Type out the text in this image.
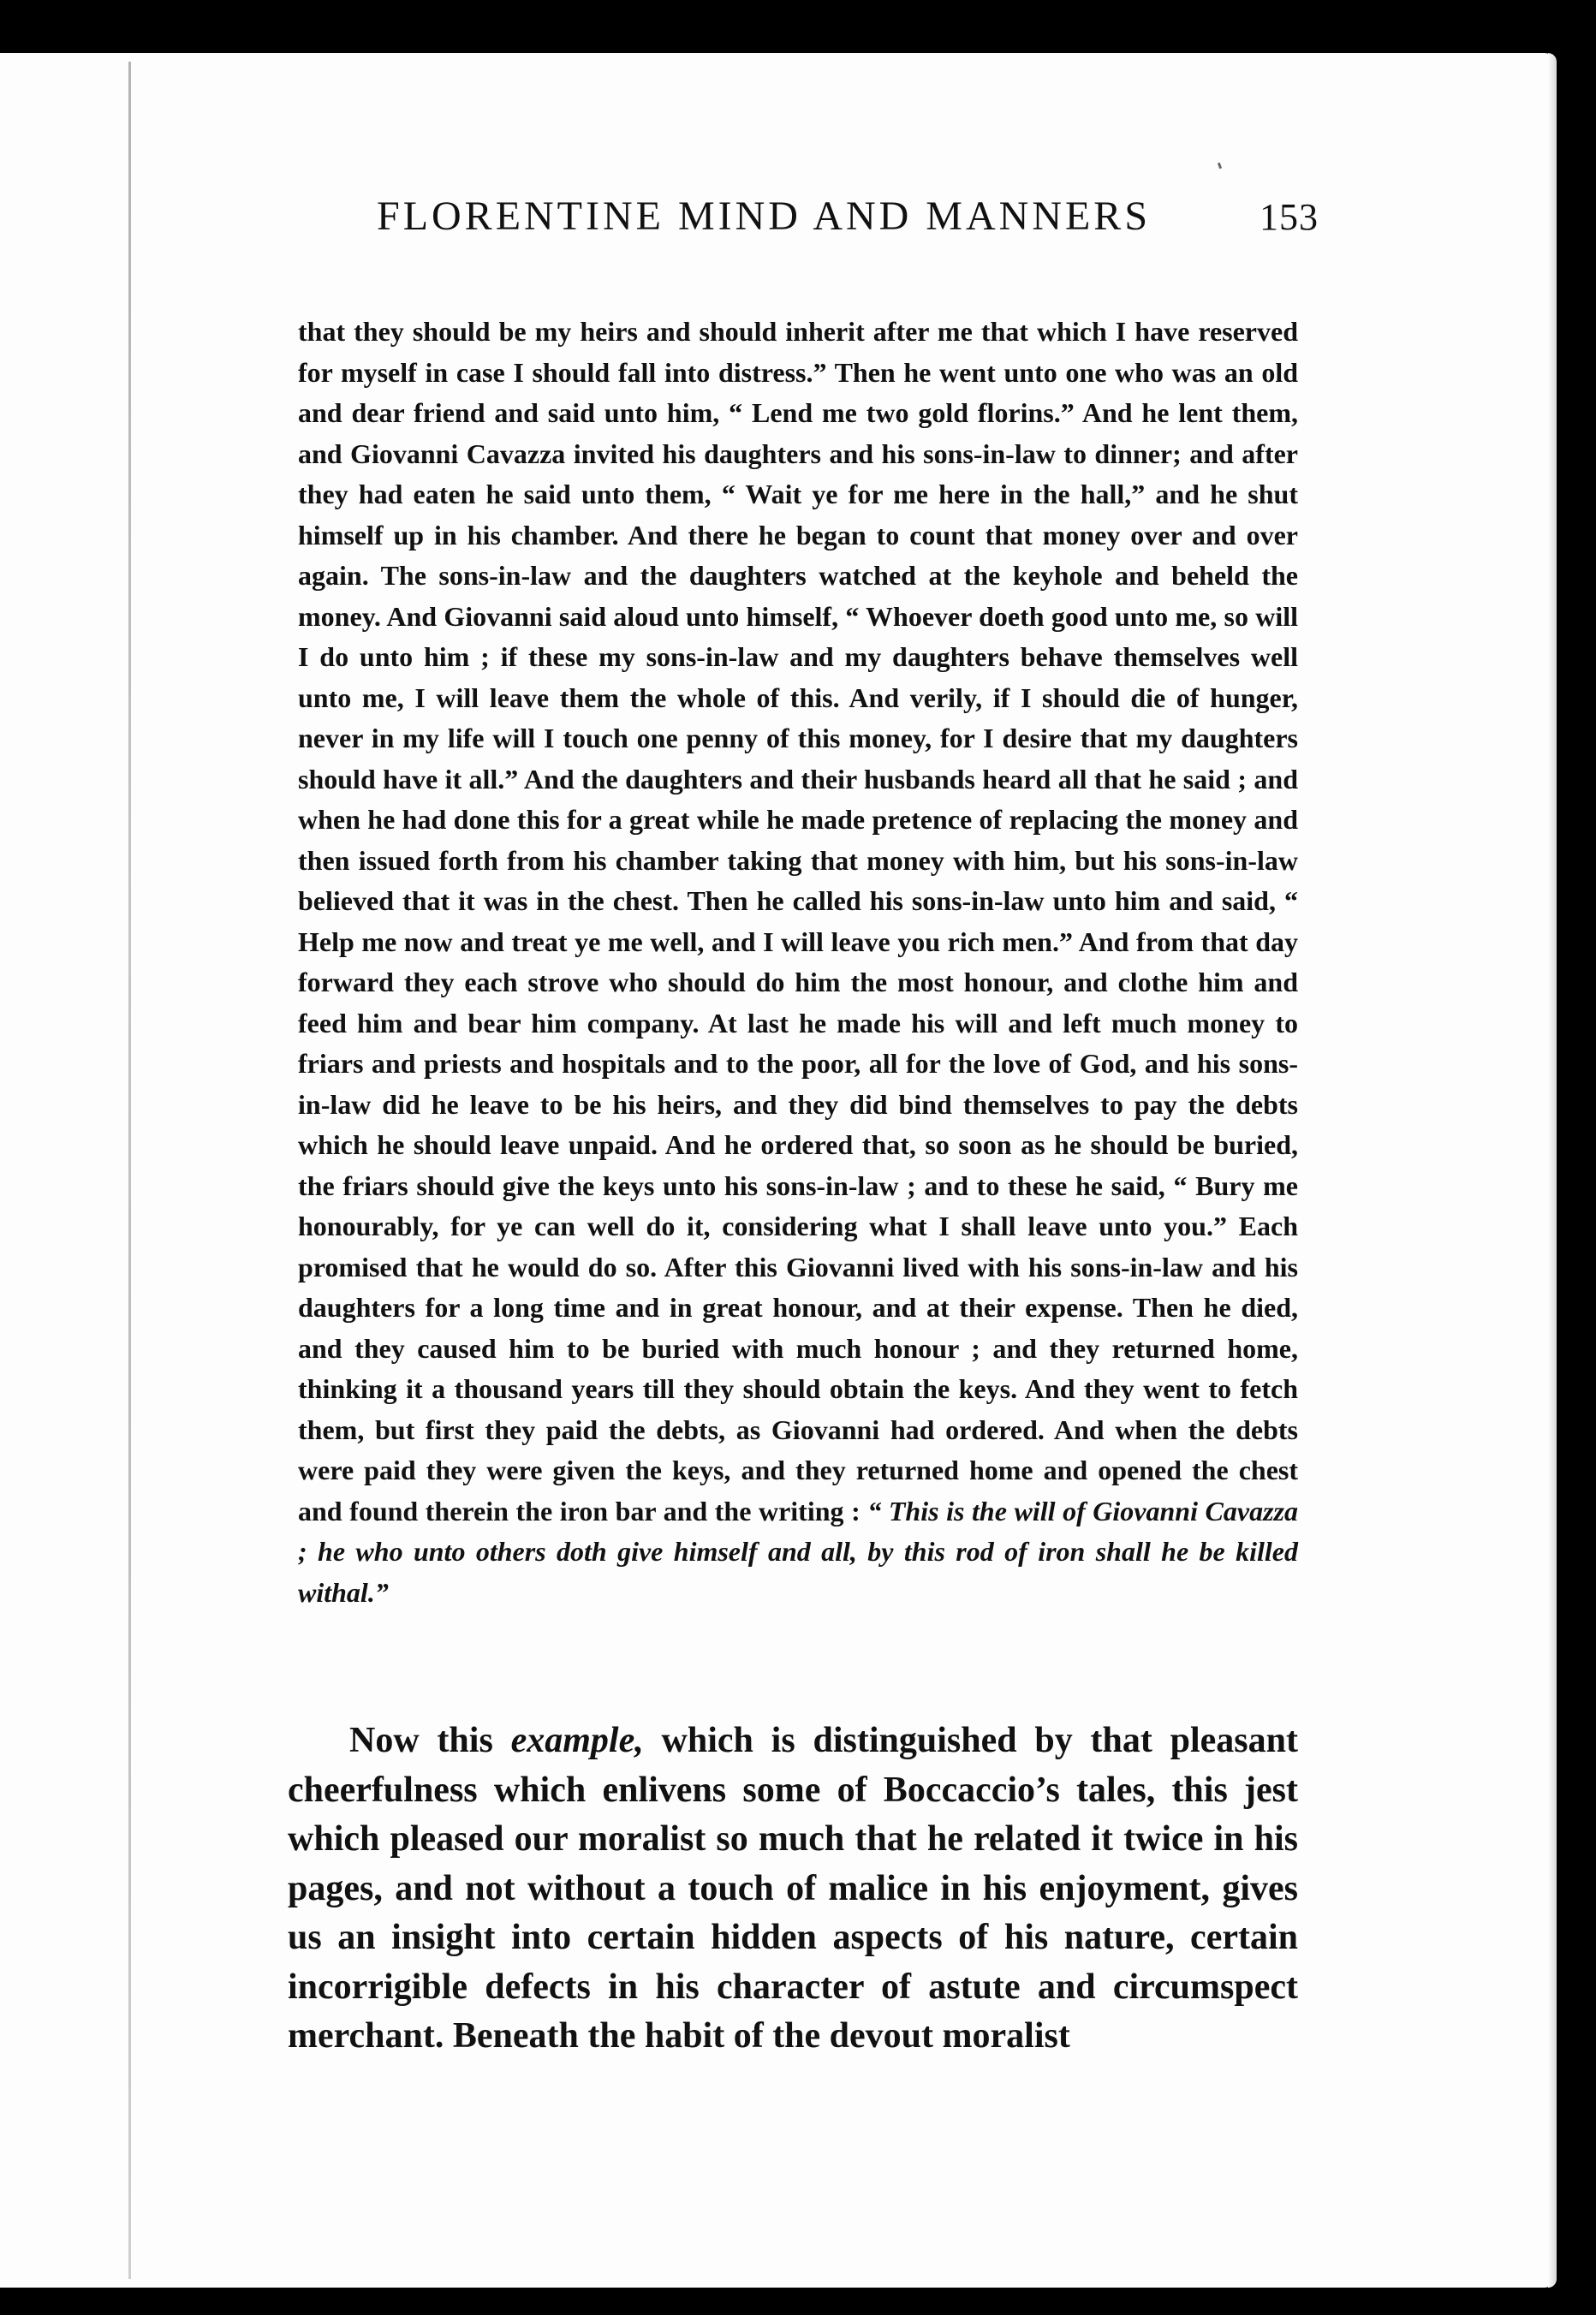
FLORENTINE MIND AND MANNERS	153

that they should be my heirs and should inherit after me that which I have reserved for myself in case I should fall into distress.” Then he went unto one who was an old and dear friend and said unto him, “ Lend me two gold florins.” And he lent them, and Giovanni Cavazza invited his daughters and his sons-in-law to dinner; and after they had eaten he said unto them, “ Wait ye for me here in the hall,” and he shut himself up in his chamber. And there he began to count that money over and over again. The sons-in-law and the daughters watched at the keyhole and beheld the money. And Giovanni said aloud unto himself, “ Whoever doeth good unto me, so will I do unto him ; if these my sons-in-law and my daughters behave themselves well unto me, I will leave them the whole of this. And verily, if I should die of hunger, never in my life will I touch one penny of this money, for I desire that my daughters should have it all.” And the daughters and their husbands heard all that he said ; and when he had done this for a great while he made pretence of replacing the money and then issued forth from his chamber taking that money with him, but his sons-in-law believed that it was in the chest. Then he called his sons-in-law unto him and said, “ Help me now and treat ye me well, and I will leave you rich men.” And from that day forward they each strove who should do him the most honour, and clothe him and feed him and bear him company. At last he made his will and left much money to friars and priests and hospitals and to the poor, all for the love of God, and his sons-in-law did he leave to be his heirs, and they did bind themselves to pay the debts which he should leave unpaid. And he ordered that, so soon as he should be buried, the friars should give the keys unto his sons-in-law ; and to these he said, “ Bury me honourably, for ye can well do it, considering what I shall leave unto you.” Each promised that he would do so. After this Giovanni lived with his sons-in-law and his daughters for a long time and in great honour, and at their expense. Then he died, and they caused him to be buried with much honour ; and they returned home, thinking it a thousand years till they should obtain the keys. And they went to fetch them, but first they paid the debts, as Giovanni had ordered. And when the debts were paid they were given the keys, and they returned home and opened the chest and found therein the iron bar and the writing : “ This is the will of Giovanni Cavazza ; he who unto others doth give himself and all, by this rod of iron shall he be killed withal.”

Now this example, which is distinguished by that pleasant cheerfulness which enlivens some of Boccaccio’s tales, this jest which pleased our moralist so much that he related it twice in his pages, and not without a touch of malice in his enjoyment, gives us an insight into certain hidden aspects of his nature, certain incorrigible defects in his character of astute and circumspect merchant. Beneath the habit of the devout moralist
